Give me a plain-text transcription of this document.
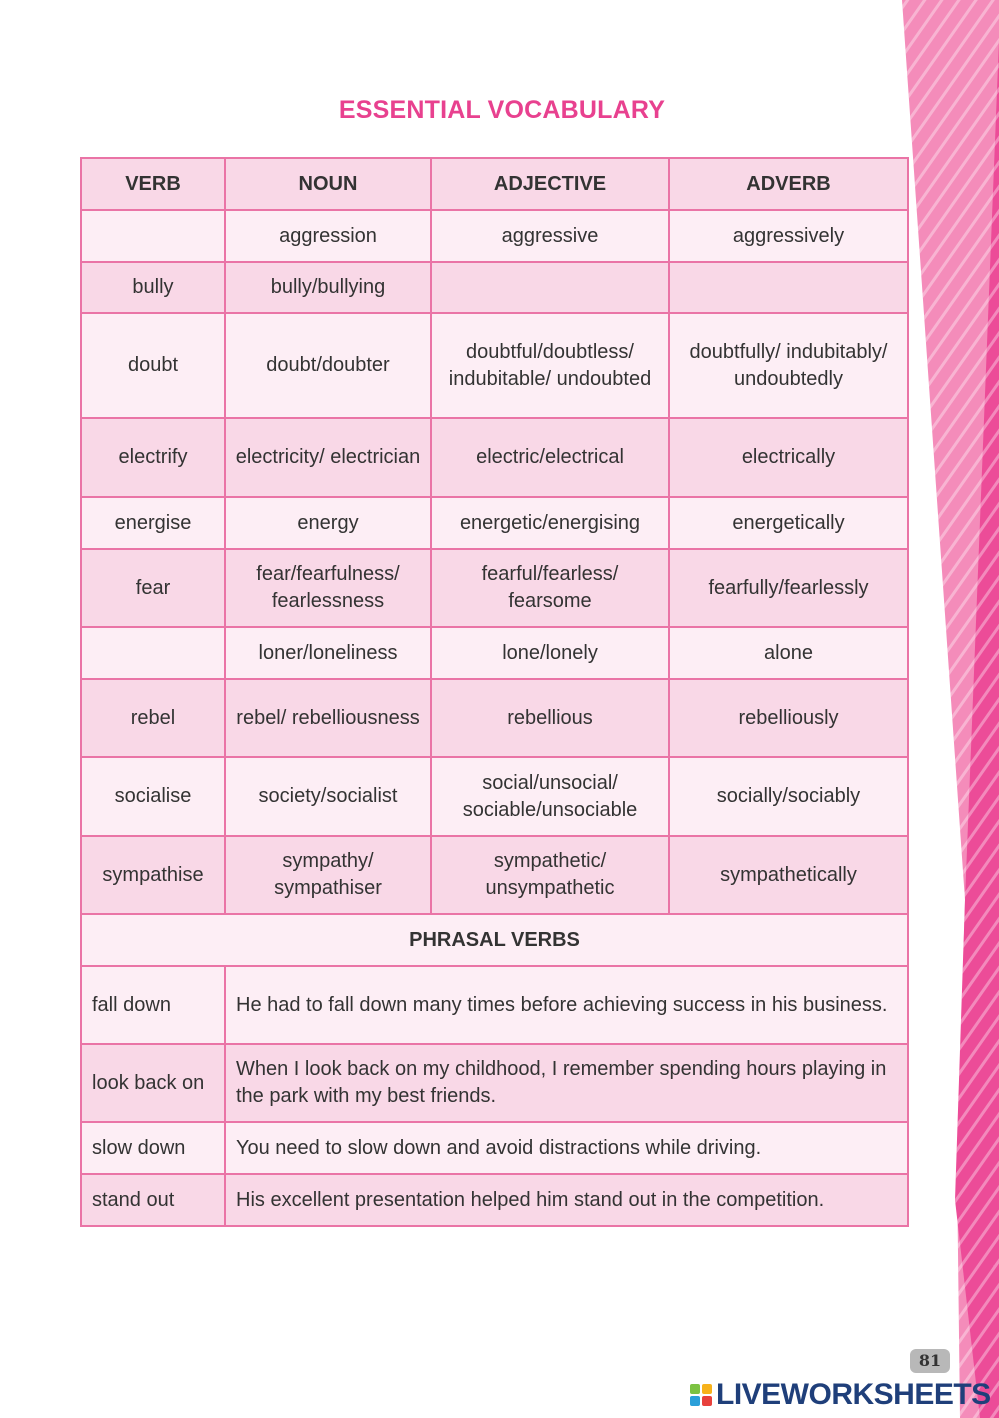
ESSENTIAL VOCABULARY
VERB	NOUN	ADJECTIVE	ADVERB
	aggression	aggressive	aggressively
bully	bully/bullying		
doubt	doubt/doubter	doubtful/doubtless/ indubitable/ undoubted	doubtfully/ indubitably/ undoubtedly
electrify	electricity/ electrician	electric/electrical	electrically
energise	energy	energetic/energising	energetically
fear	fear/fearfulness/ fearlessness	fearful/fearless/ fearsome	fearfully/fearlessly
	loner/loneliness	lone/lonely	alone
rebel	rebel/ rebelliousness	rebellious	rebelliously
socialise	society/socialist	social/unsocial/ sociable/unsociable	socially/sociably
sympathise	sympathy/ sympathiser	sympathetic/ unsympathetic	sympathetically
PHRASAL VERBS			
fall down	He had to fall down many times before achieving success in his business.		
look back on	When I look back on my childhood, I remember spending hours playing in the park with my best friends.		
slow down	You need to slow down and avoid distractions while driving.		
stand out	His excellent presentation helped him stand out in the competition.		
81
LIVEWORKSHEETS
